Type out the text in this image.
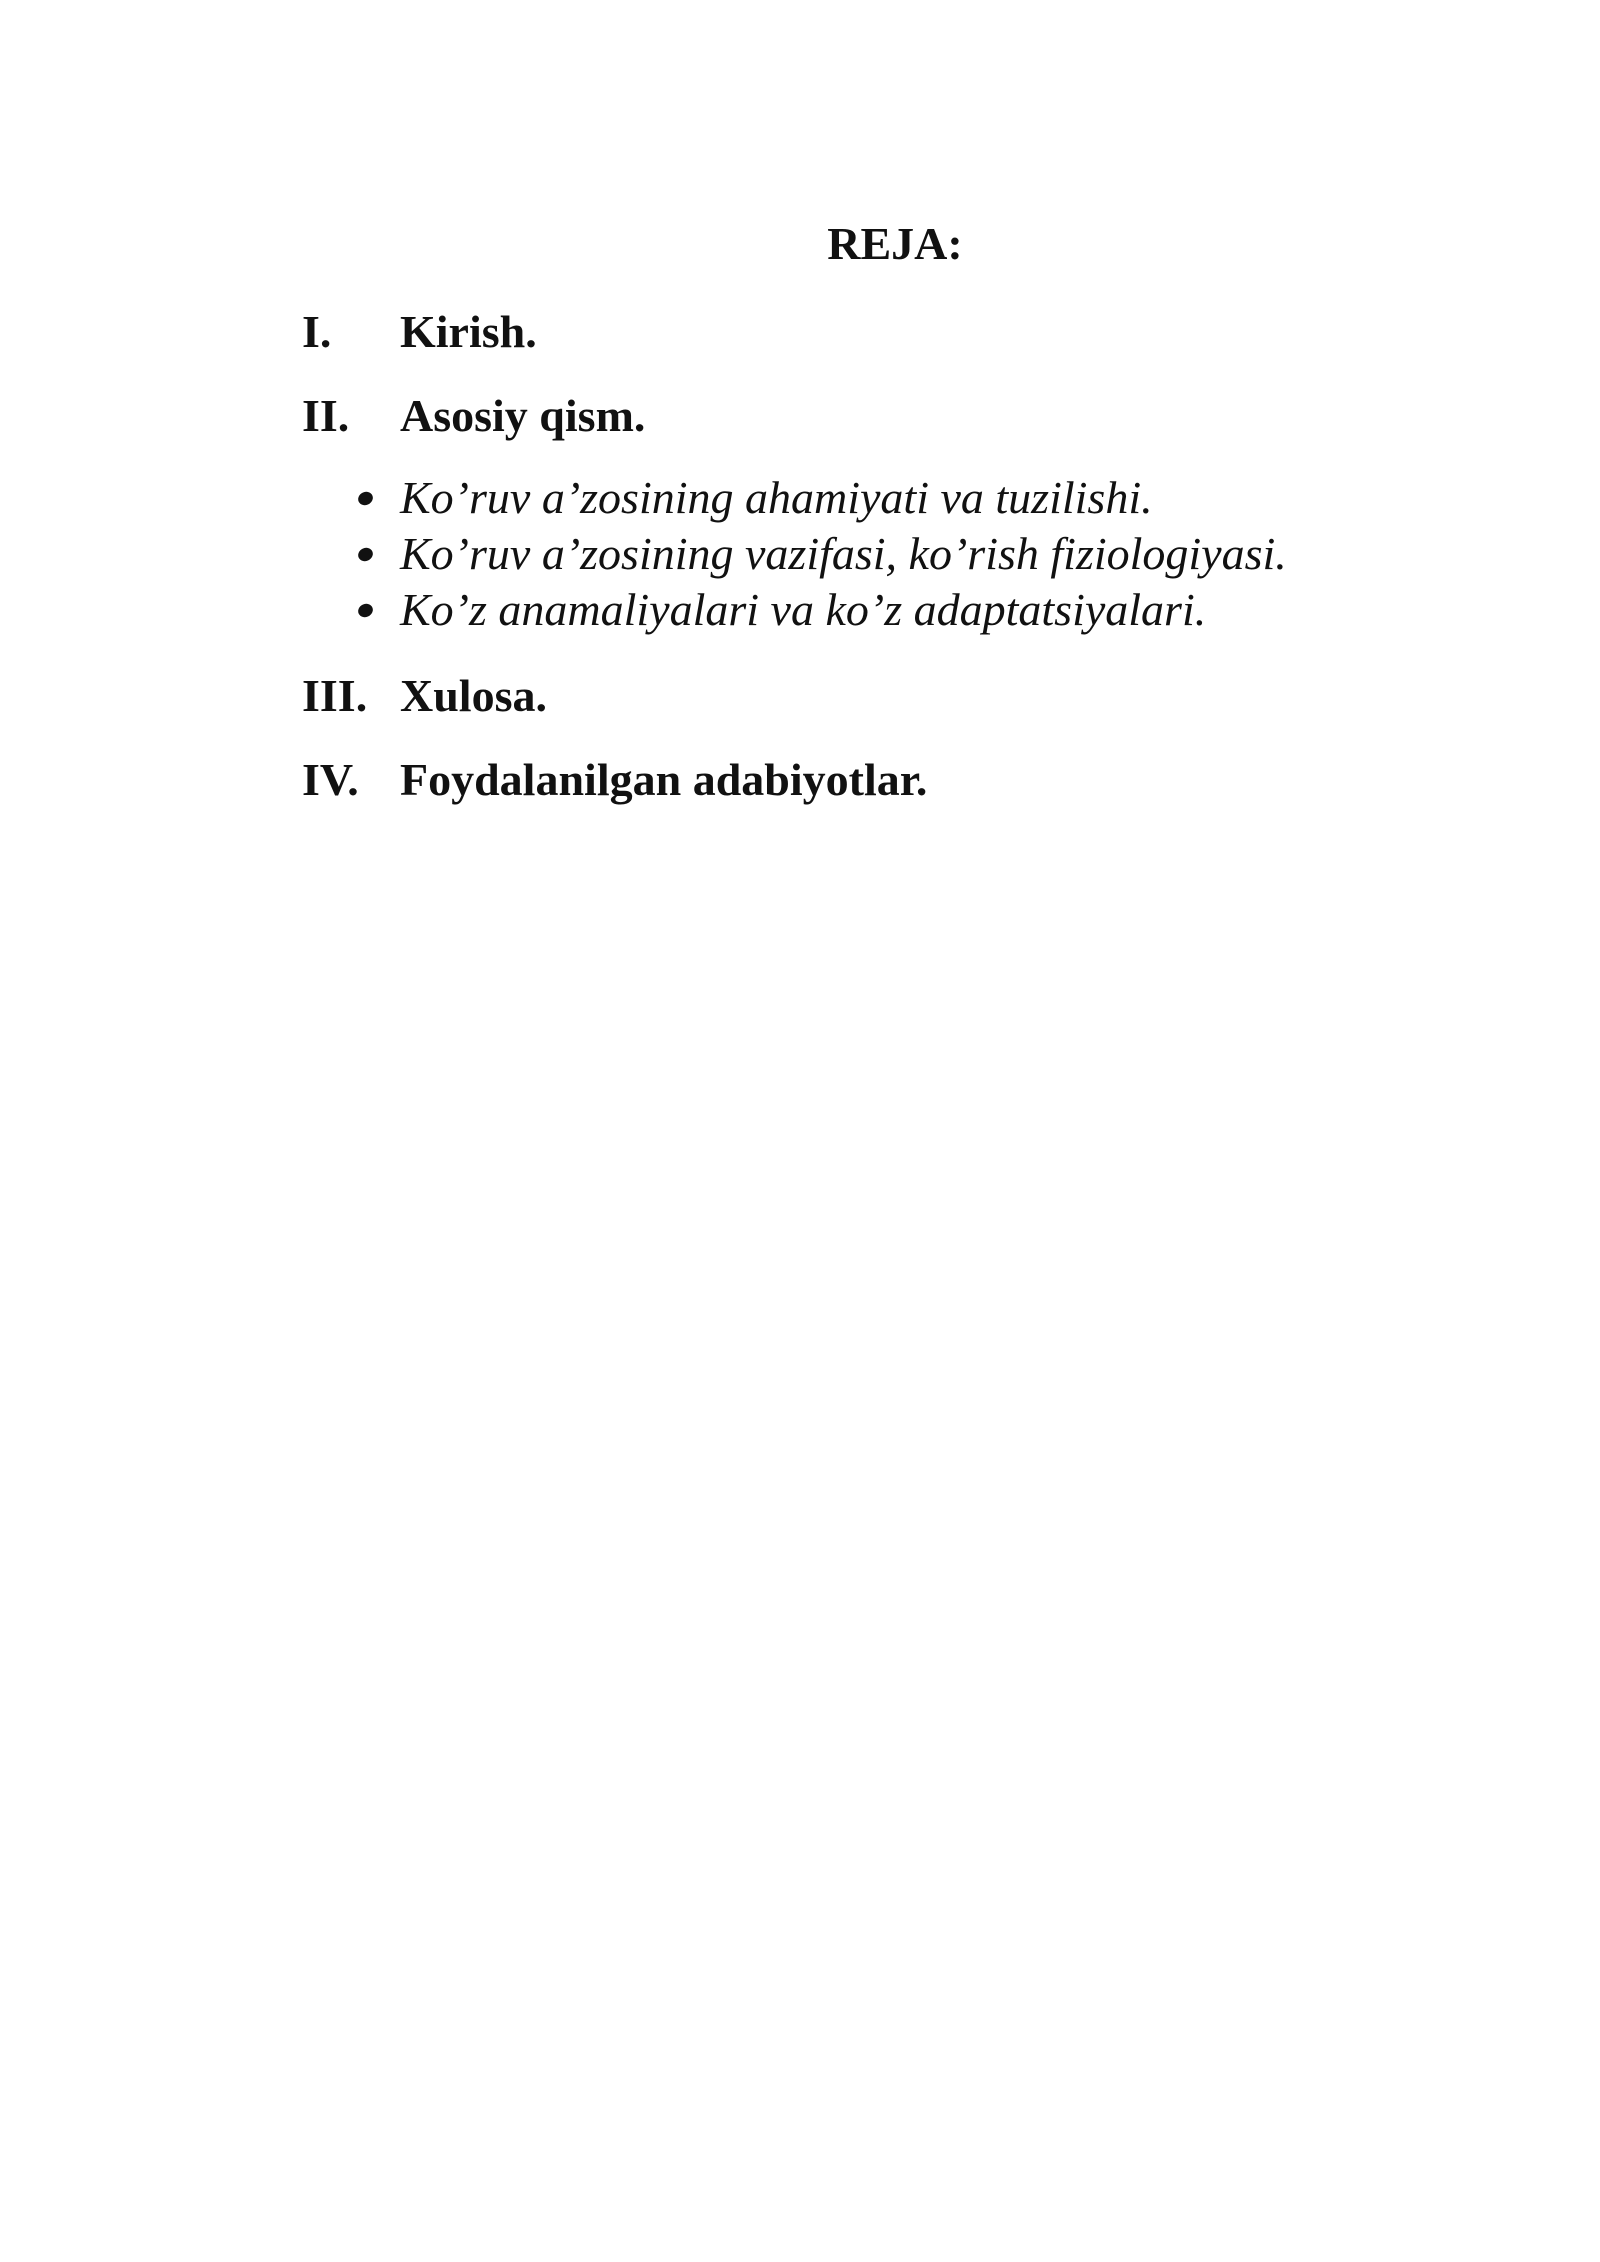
REJA:
I. Kirish.
II. Asosiy qism.
Ko’ruv a’zosining ahamiyati va tuzilishi.
Ko’ruv a’zosining vazifasi, ko’rish fiziologiyasi.
Ko’z anamaliyalari va ko’z adaptatsiyalari.
III. Xulosa.
IV. Foydalanilgan adabiyotlar.
